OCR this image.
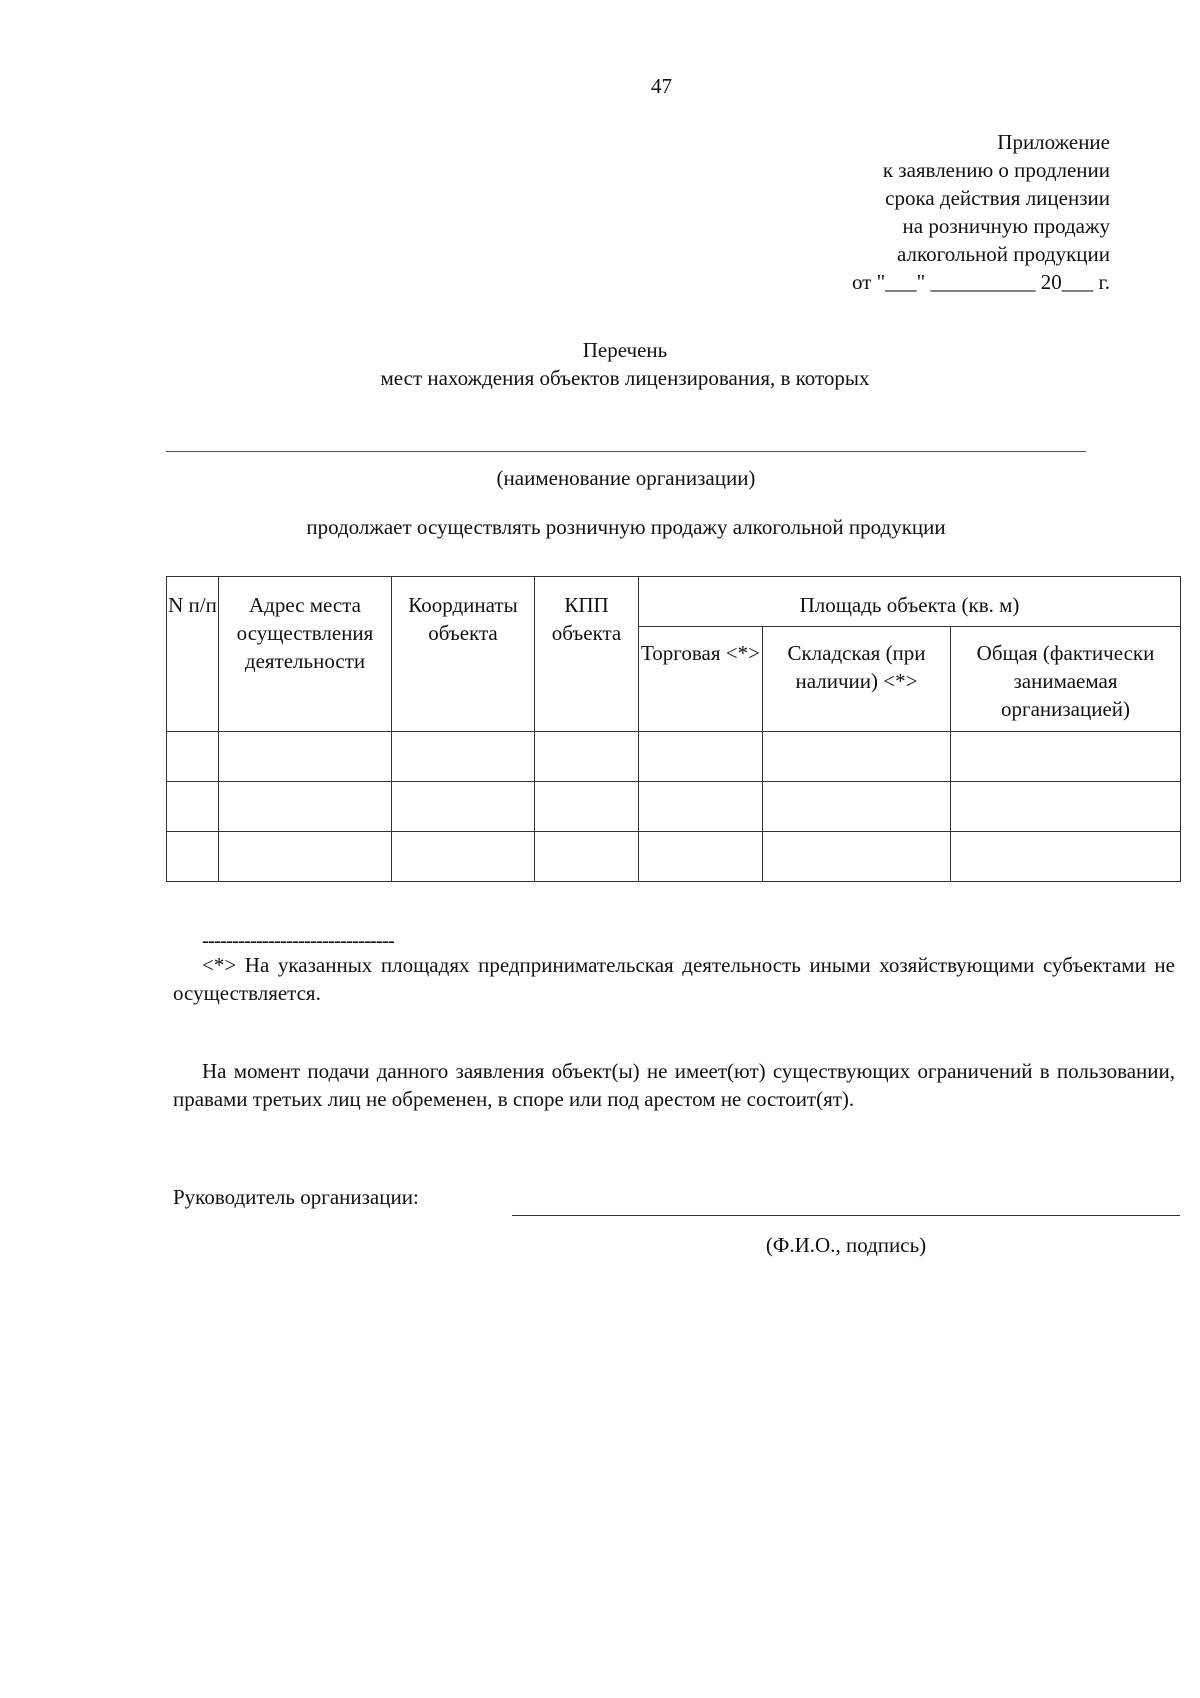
47
Приложение
к заявлению о продлении
срока действия лицензии
на розничную продажу
алкогольной продукции
от "___" __________ 20___ г.
Перечень
мест нахождения объектов лицензирования, в которых
(наименование организации)
продолжает осуществлять розничную продажу алкогольной продукции
N п/п	Адрес места осуществления деятельности	Координаты объекта	КПП объекта	Площадь объекта (кв. м)		
				Торговая <*>	Складская (при наличии) <*>	Общая (фактически занимаемая организацией)

--------------------------------
<*> На указанных площадях предпринимательская деятельность иными хозяйствующими субъектами не осуществляется.
На момент подачи данного заявления объект(ы) не имеет(ют) существующих ограничений в пользовании, правами третьих лиц не обременен, в споре или под арестом не состоит(ят).
Руководитель организации:
(Ф.И.О., подпись)
